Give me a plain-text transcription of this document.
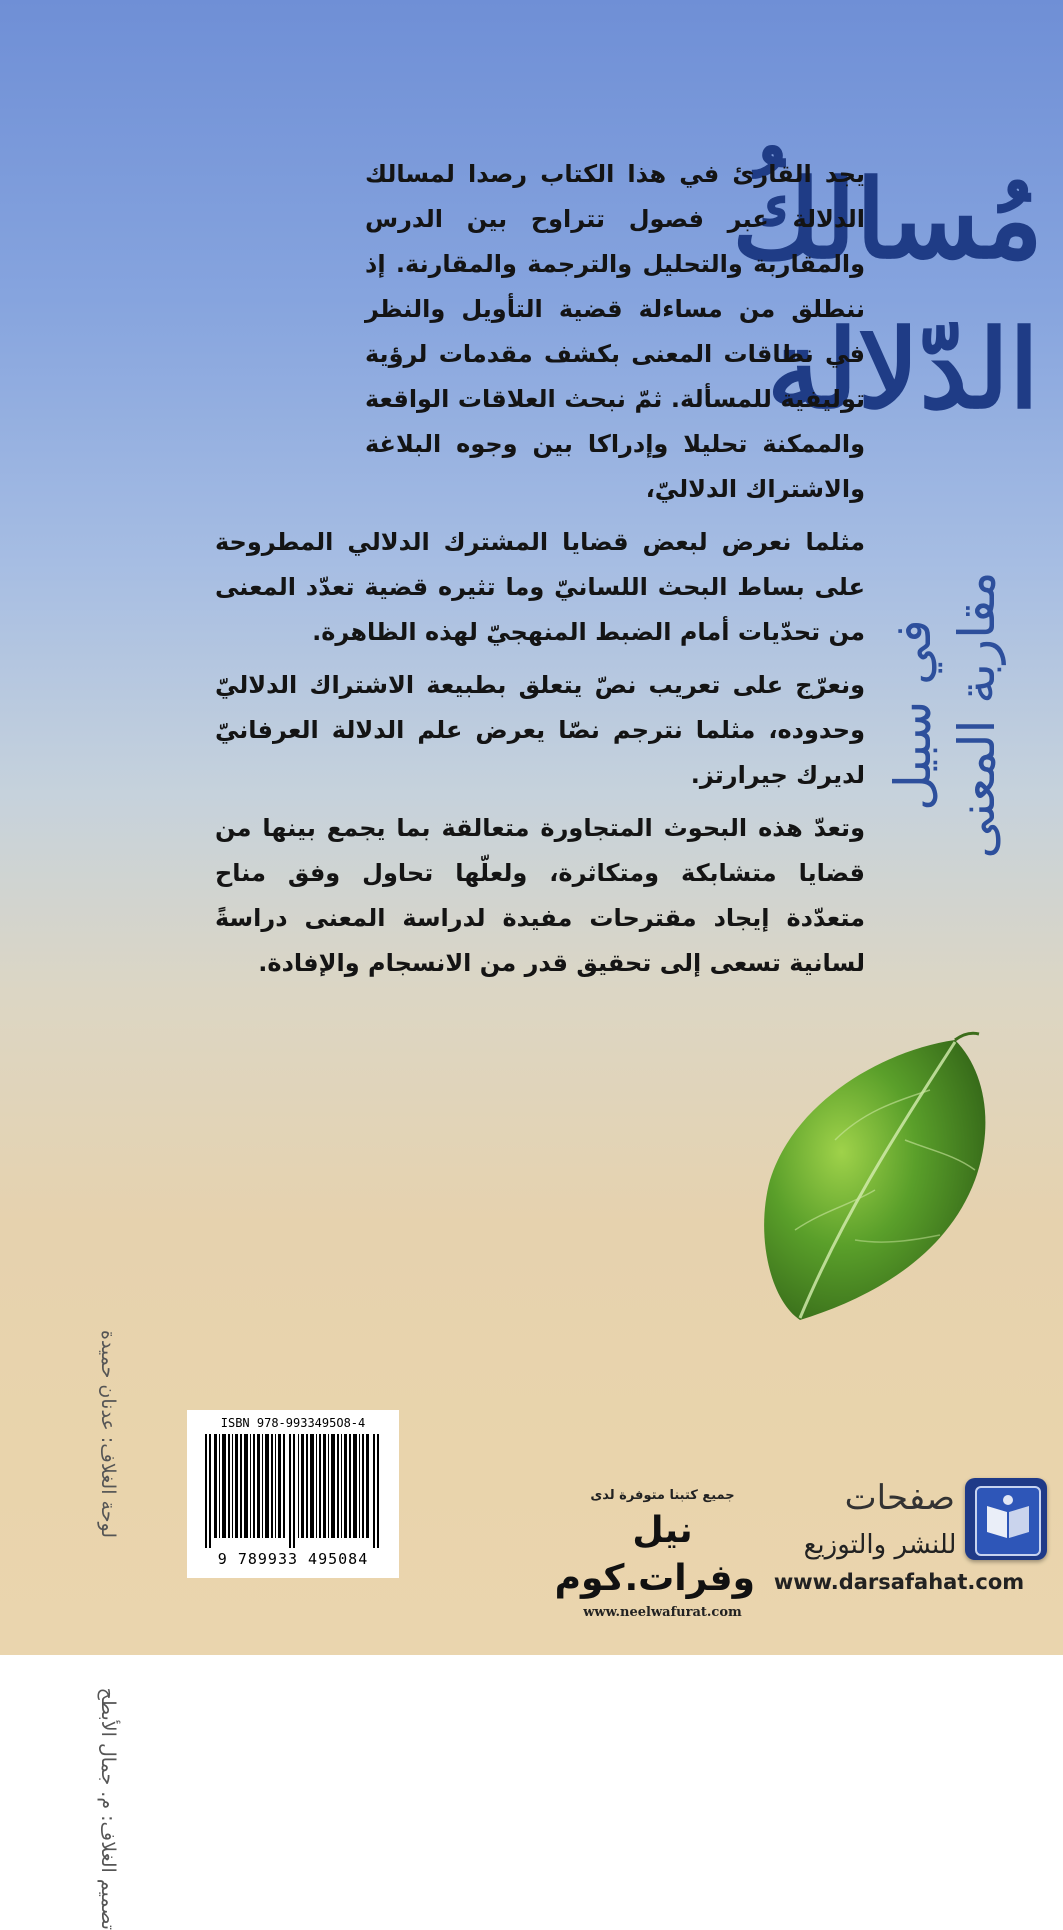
مُسالكُ
الدّلالة
في سبيل مقاربة المعنى

يجد القارئ في هذا الكتاب رصدا لمسالك الدلالة عبر فصول تتراوح بين الدرس والمقاربة والتحليل والترجمة والمقارنة. إذ ننطلق من مساءلة قضية التأويل والنظر في نطاقات المعنى بكشف مقدمات لرؤية توليفية للمسألة. ثمّ نبحث العلاقات الواقعة والممكنة تحليلا وإدراكا بين وجوه البلاغة والاشتراك الدلاليّ،

مثلما نعرض لبعض قضايا المشترك الدلالي المطروحة على بساط البحث اللسانيّ وما تثيره قضية تعدّد المعنى من تحدّيات أمام الضبط المنهجيّ لهذه الظاهرة.

ونعرّج على تعريب نصّ يتعلق بطبيعة الاشتراك الدلاليّ وحدوده، مثلما نترجم نصّا يعرض علم الدلالة العرفانيّ لديرك جيرارتز.

وتعدّ هذه البحوث المتجاورة متعالقة بما يجمع بينها من قضايا متشابكة ومتكاثرة، ولعلّها تحاول وفق مناح متعدّدة إيجاد مقترحات مفيدة لدراسة المعنى دراسةً لسانية تسعى إلى تحقيق قدر من الانسجام والإفادة.

تصميم الغلاف: م. جمال الأبطح
لوحة الغلاف: عدنان حميدة	ISBN 978-9933495O8-4
9 789933 495084
جميع كتبنا متوفرة لدى
نيل وفرات.كوم
www.neelwafurat.com
صفحات
للنشر والتوزيع
www.darsafahat.com
